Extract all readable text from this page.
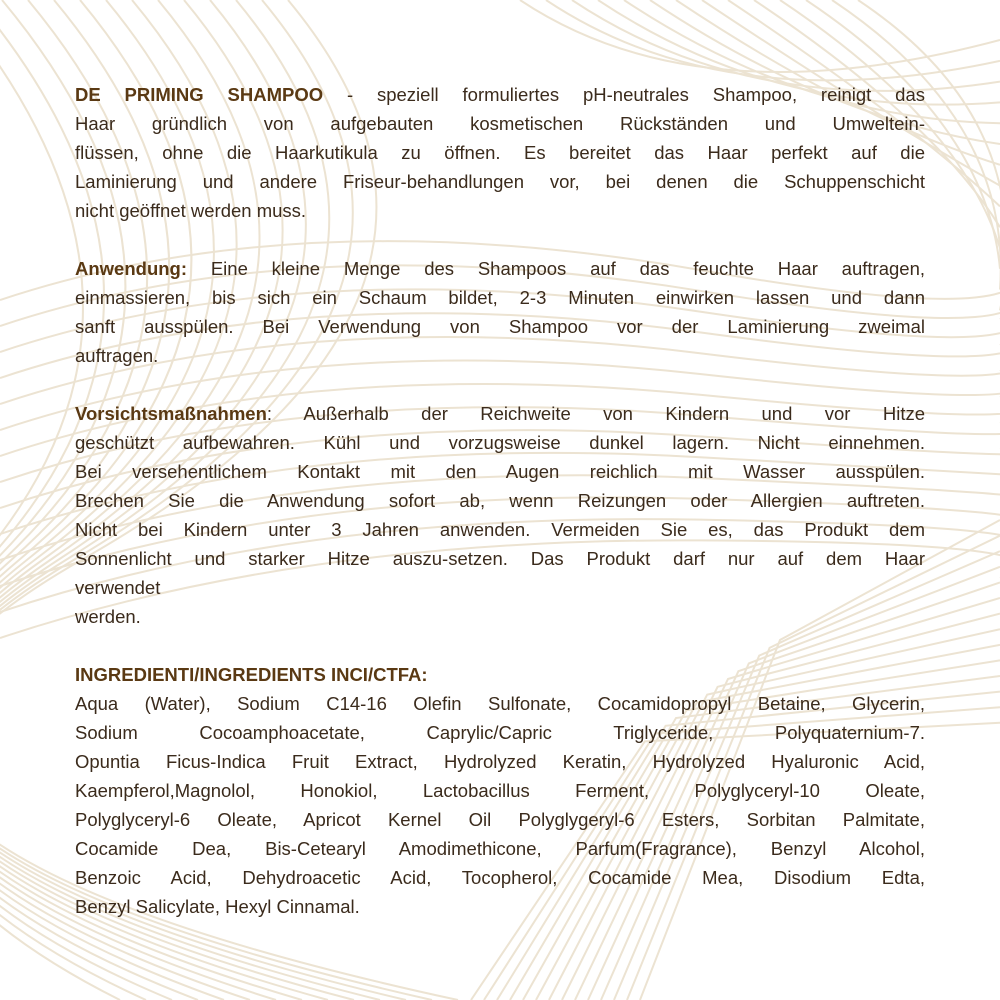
DE PRIMING SHAMPOO - speziell formuliertes pH-neutrales Shampoo, reinigt das
Haar gründlich von aufgebauten kosmetischen Rückständen und Umweltein-
flüssen, ohne die Haarkutikula zu öffnen. Es bereitet das Haar perfekt auf die
Laminierung und andere Friseur-behandlungen vor, bei denen die Schuppenschicht
nicht geöffnet werden muss.
Anwendung: Eine kleine Menge des Shampoos auf das feuchte Haar auftragen,
einmassieren, bis sich ein Schaum bildet, 2-3 Minuten einwirken lassen und dann
sanft ausspülen. Bei Verwendung von Shampoo vor der Laminierung zweimal
auftragen.
Vorsichtsmaßnahmen: Außerhalb der Reichweite von Kindern und vor Hitze
geschützt aufbewahren. Kühl und vorzugsweise dunkel lagern. Nicht einnehmen.
Bei versehentlichem Kontakt mit den Augen reichlich mit Wasser ausspülen.
Brechen Sie die Anwendung sofort ab, wenn Reizungen oder Allergien auftreten.
Nicht bei Kindern unter 3 Jahren anwenden. Vermeiden Sie es, das Produkt dem
Sonnenlicht und starker Hitze auszu-setzen. Das Produkt darf nur auf dem Haar
verwendet
werden.
INGREDIENTI/INGREDIENTS INCI/CTFA:
Aqua (Water), Sodium C14-16 Olefin Sulfonate, Cocamidopropyl Betaine, Glycerin,
Sodium Cocoamphoacetate, Caprylic/Capric Triglyceride, Polyquaternium-7.
Opuntia Ficus-Indica Fruit Extract, Hydrolyzed Keratin, Hydrolyzed Hyaluronic Acid,
Kaempferol,Magnolol, Honokiol, Lactobacillus Ferment, Polyglyceryl-10 Oleate,
Polyglyceryl-6 Oleate, Apricot Kernel Oil Polyglygeryl-6 Esters, Sorbitan Palmitate,
Cocamide Dea, Bis-Cetearyl Amodimethicone, Parfum(Fragrance), Benzyl Alcohol,
Benzoic Acid, Dehydroacetic Acid, Tocopherol, Cocamide Mea, Disodium Edta,
Benzyl Salicylate, Hexyl Cinnamal.
